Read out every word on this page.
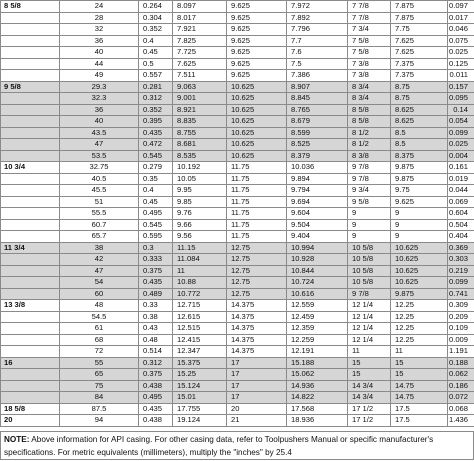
8 5/8	24	0.264	8.097	9.625	7.972	7 7/8	7.875	0.097
	28	0.304	8.017	9.625	7.892	7 7/8	7.875	0.017
	32	0.352	7.921	9.625	7.796	7 3/4	7.75	0.046
	36	0.4	7.825	9.625	7.7	7 5/8	7.625	0.075
	40	0.45	7.725	9.625	7.6	7 5/8	7.625	0.025
	44	0.5	7.625	9.625	7.5	7 3/8	7.375	0.125
	49	0.557	7.511	9.625	7.386	7 3/8	7.375	0.011
9 5/8	29.3	0.281	9.063	10.625	8.907	8 3/4	8.75	0.157
	32.3	0.312	9.001	10.625	8.845	8 3/4	8.75	0.095
	36	0.352	8.921	10.625	8.765	8 5/8	8.625	0.14
	40	0.395	8.835	10.625	8.679	8 5/8	8.625	0.054
	43.5	0.435	8.755	10.625	8.599	8 1/2	8.5	0.099
	47	0.472	8.681	10.625	8.525	8 1/2	8.5	0.025
	53.5	0.545	8.535	10.625	8.379	8 3/8	8.375	0.004
10 3/4	32.75	0.279	10.192	11.75	10.036	9 7/8	9.875	0.161
	40.5	0.35	10.05	11.75	9.894	9 7/8	9.875	0.019
	45.5	0.4	9.95	11.75	9.794	9 3/4	9.75	0.044
	51	0.45	9.85	11.75	9.694	9 5/8	9.625	0.069
	55.5	0.495	9.76	11.75	9.604	9	9	0.604
	60.7	0.545	9.66	11.75	9.504	9	9	0.504
	65.7	0.595	9.56	11.75	9.404	9	9	0.404
11 3/4	38	0.3	11.15	12.75	10.994	10 5/8	10.625	0.369
	42	0.333	11.084	12.75	10.928	10 5/8	10.625	0.303
	47	0.375	11	12.75	10.844	10 5/8	10.625	0.219
	54	0.435	10.88	12.75	10.724	10 5/8	10.625	0.099
	60	0.489	10.772	12.75	10.616	9 7/8	9.875	0.741
13 3/8	48	0.33	12.715	14.375	12.559	12 1/4	12.25	0.309
	54.5	0.38	12.615	14.375	12.459	12 1/4	12.25	0.209
	61	0.43	12.515	14.375	12.359	12 1/4	12.25	0.109
	68	0.48	12.415	14.375	12.259	12 1/4	12.25	0.009
	72	0.514	12.347	14.375	12.191	11	11	1.191
16	55	0.312	15.375	17	15.188	15	15	0.188
	65	0.375	15.25	17	15.062	15	15	0.062
	75	0.438	15.124	17	14.936	14 3/4	14.75	0.186
	84	0.495	15.01	17	14.822	14 3/4	14.75	0.072
18 5/8	87.5	0.435	17.755	20	17.568	17 1/2	17.5	0.068
20	94	0.438	19.124	21	18.936	17 1/2	17.5	1.436
NOTE: Above information for API casing. For other casing data, refer to Toolpushers Manual or specific manufacturer's specifications. For metric equivalents (millimeters), multiply the "inches" by 25.4
